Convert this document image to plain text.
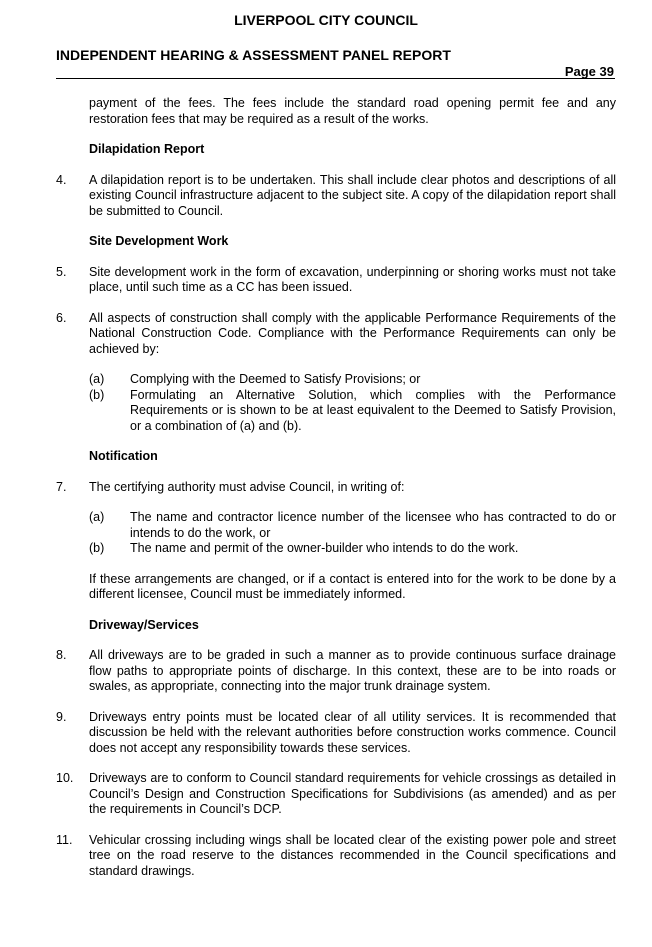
LIVERPOOL CITY COUNCIL
INDEPENDENT HEARING & ASSESSMENT PANEL REPORT
Page 39

payment of the fees. The fees include the standard road opening permit fee and any restoration fees that may be required as a result of the works.

Dilapidation Report

4.	A dilapidation report is to be undertaken. This shall include clear photos and descriptions of all existing Council infrastructure adjacent to the subject site. A copy of the dilapidation report shall be submitted to Council.

Site Development Work

5.	Site development work in the form of excavation, underpinning or shoring works must not take place, until such time as a CC has been issued.
6.	All aspects of construction shall comply with the applicable Performance Requirements of the National Construction Code. Compliance with the Performance Requirements can only be achieved by:
(a)	Complying with the Deemed to Satisfy Provisions; or
(b)	Formulating an Alternative Solution, which complies with the Performance Requirements or is shown to be at least equivalent to the Deemed to Satisfy Provision, or a combination of (a) and (b).

Notification

7.	The certifying authority must advise Council, in writing of:
(a)	The name and contractor licence number of the licensee who has contracted to do or intends to do the work, or
(b)	The name and permit of the owner-builder who intends to do the work.

If these arrangements are changed, or if a contact is entered into for the work to be done by a different licensee, Council must be immediately informed.

Driveway/Services

8.	All driveways are to be graded in such a manner as to provide continuous surface drainage flow paths to appropriate points of discharge. In this context, these are to be into roads or swales, as appropriate, connecting into the major trunk drainage system.
9.	Driveways entry points must be located clear of all utility services. It is recommended that discussion be held with the relevant authorities before construction works commence. Council does not accept any responsibility towards these services.
10.	Driveways are to conform to Council standard requirements for vehicle crossings as detailed in Council’s Design and Construction Specifications for Subdivisions (as amended) and as per the requirements in Council’s DCP.
11.	Vehicular crossing including wings shall be located clear of the existing power pole and street tree on the road reserve to the distances recommended in the Council specifications and standard drawings.
